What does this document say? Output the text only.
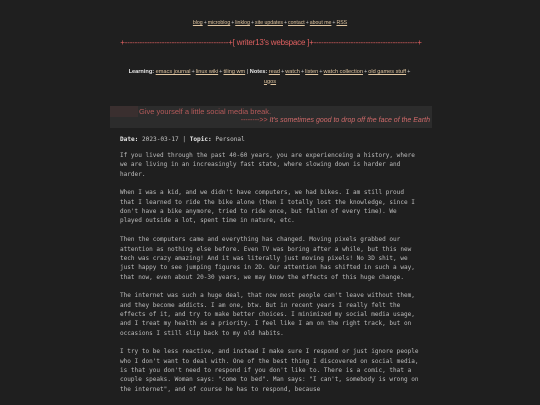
blog+microblog+linklog+site updates+contact+about me+RSS
+------------------------------------------+[ writer13's webspace ]+------------------------------------------+
Learning: emacs journal+linux wiki+tiling wm | Notes: read+watch+listen+watch collection+old games stuff+
ugos
Give yourself a little social media break.
-------->> It's sometimes good to drop off the face of the Earth
Date: 2023-03-17 | Topic: Personal

If you lived through the past 40-60 years, you are experienceing a history, where we are living in an increasingly fast state, where slowing down is harder and harder.

When I was a kid, and we didn't have computers, we had bikes. I am still proud that I learned to ride the bike alone (then I totally lost the knowledge, since I don't have a bike anymore, tried to ride once, but fallen of every time). We played outside a lot, spent time in nature, etc.

Then the computers came and everything has changed. Moving pixels grabbed our attention as nothing else before. Even TV was boring after a while, but this new tech was crazy amazing! And it was literally just moving pixels! No 3D shit, we just happy to see jumping figures in 2D. Our attention has shifted in such a way, that now, even about 20-30 years, we may know the effects of this huge change.

The internet was such a huge deal, that now most people can't leave without them, and they become addicts. I am one, btw. But in recent years I really felt the effects of it, and try to make better choices. I minimized my social media usage, and I treat my health as a priority. I feel like I am on the right track, but on occasions I still slip back to my old habits.

I try to be less reactive, and instead I make sure I respond or just ignore people who I don't want to deal with. One of the best thing I discovered on social media, is that you don't need to respond if you don't like to. There is a comic, that a couple speaks. Woman says: "come to bed". Man says: "I can't, somebody is wrong on the internet", and of course he has to respond, because
